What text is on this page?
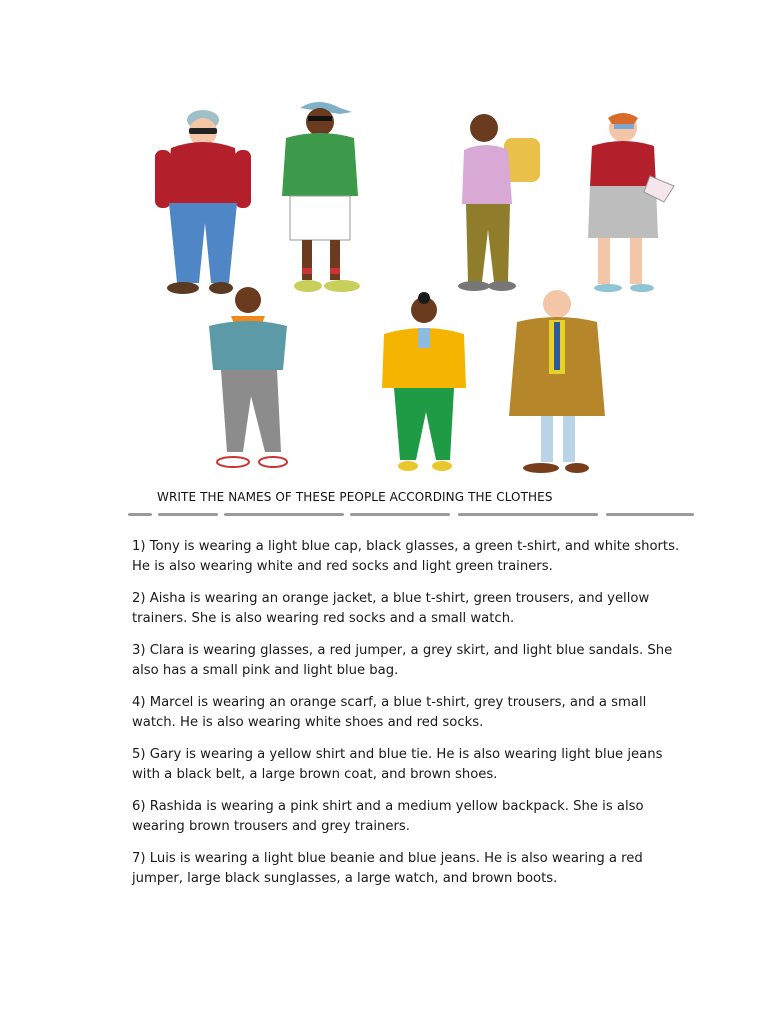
WRITE THE NAMES OF THESE PEOPLE ACCORDING THE CLOTHES
1) Tony is wearing a light blue cap, black glasses, a green t-shirt, and white shorts.
He is also wearing white and red socks and light green trainers.
2) Aisha is wearing an orange jacket, a blue t-shirt, green trousers, and yellow
trainers. She is also wearing red socks and a small watch.
3) Clara is wearing glasses, a red jumper, a grey skirt, and light blue sandals. She
also has a small pink and light blue bag.
4) Marcel is wearing an orange scarf, a blue t-shirt, grey trousers, and a small
watch. He is also wearing white shoes and red socks.
5) Gary is wearing a yellow shirt and blue tie. He is also wearing light blue jeans
with a black belt, a large brown coat, and brown shoes.
6) Rashida is wearing a pink shirt and a medium yellow backpack. She is also
wearing brown trousers and grey trainers.
7) Luis is wearing a light blue beanie and blue jeans. He is also wearing a red
jumper, large black sunglasses, a large watch, and brown boots.
